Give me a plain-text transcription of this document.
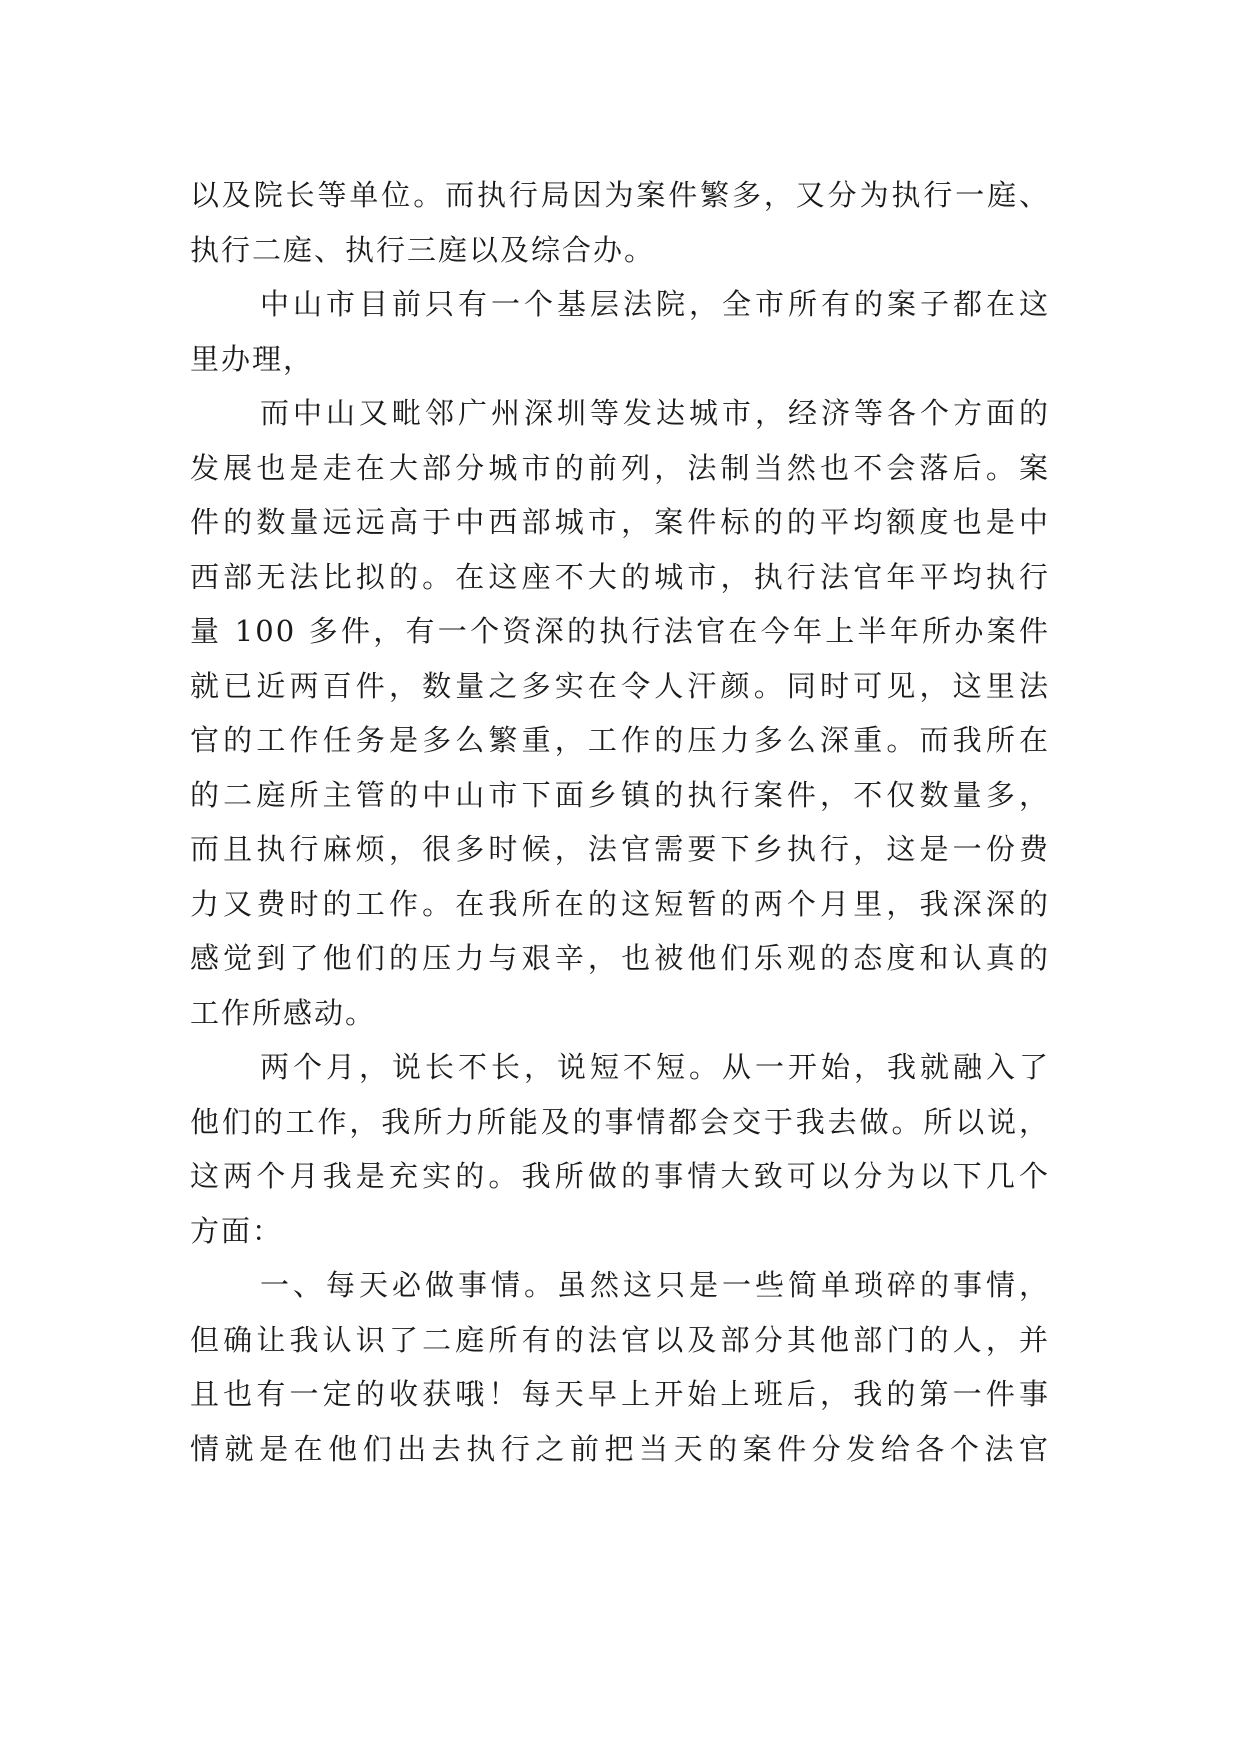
以及院长等单位。而执行局因为案件繁多，又分为执行一庭、
执行二庭、执行三庭以及综合办。
中山市目前只有一个基层法院，全市所有的案子都在这
里办理，
而中山又毗邻广州深圳等发达城市，经济等各个方面的
发展也是走在大部分城市的前列，法制当然也不会落后。案
件的数量远远高于中西部城市，案件标的的平均额度也是中
西部无法比拟的。在这座不大的城市，执行法官年平均执行
量 100 多件，有一个资深的执行法官在今年上半年所办案件
就已近两百件，数量之多实在令人汗颜。同时可见，这里法
官的工作任务是多么繁重，工作的压力多么深重。而我所在
的二庭所主管的中山市下面乡镇的执行案件，不仅数量多，
而且执行麻烦，很多时候，法官需要下乡执行，这是一份费
力又费时的工作。在我所在的这短暂的两个月里，我深深的
感觉到了他们的压力与艰辛，也被他们乐观的态度和认真的
工作所感动。
两个月，说长不长，说短不短。从一开始，我就融入了
他们的工作，我所力所能及的事情都会交于我去做。所以说，
这两个月我是充实的。我所做的事情大致可以分为以下几个
方面：
一、每天必做事情。虽然这只是一些简单琐碎的事情，
但确让我认识了二庭所有的法官以及部分其他部门的人，并
且也有一定的收获哦！每天早上开始上班后，我的第一件事
情就是在他们出去执行之前把当天的案件分发给各个法官
